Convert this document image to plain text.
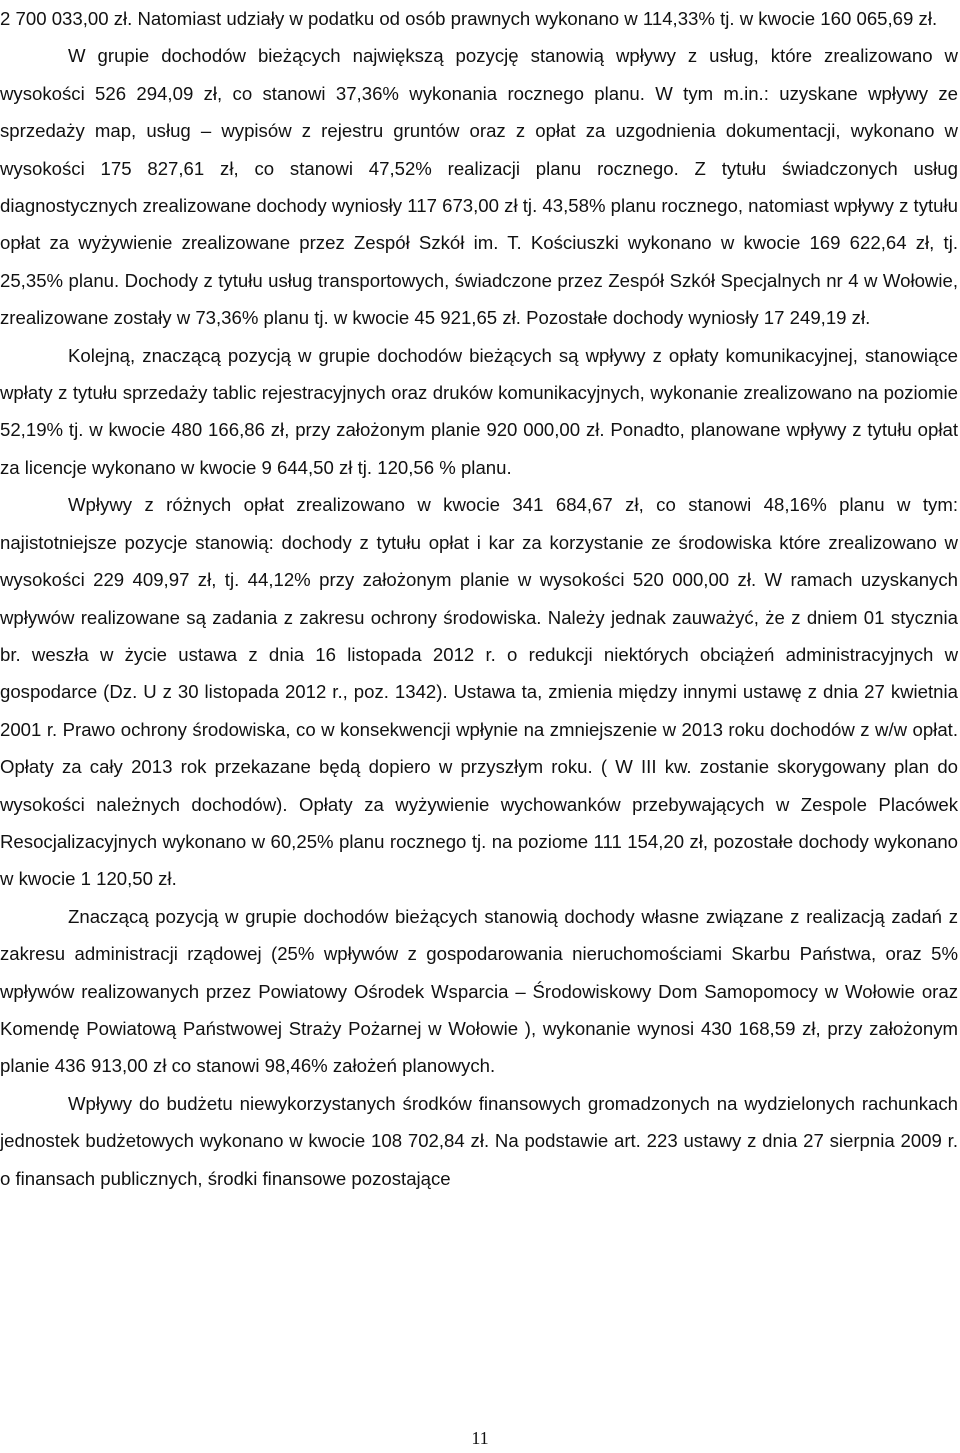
2 700 033,00 zł. Natomiast udziały w podatku od osób prawnych wykonano w 114,33% tj. w kwocie 160 065,69 zł.

W grupie dochodów bieżących największą pozycję stanowią wpływy z usług, które zrealizowano w wysokości 526 294,09 zł, co stanowi 37,36% wykonania rocznego planu. W tym m.in.: uzyskane wpływy ze sprzedaży map, usług – wypisów z rejestru gruntów oraz z opłat za uzgodnienia dokumentacji, wykonano w wysokości 175 827,61 zł, co stanowi 47,52% realizacji planu rocznego. Z tytułu świadczonych usług diagnostycznych zrealizowane dochody wyniosły 117 673,00 zł tj. 43,58% planu rocznego, natomiast wpływy z tytułu opłat za wyżywienie zrealizowane przez Zespół Szkół im. T. Kościuszki wykonano w kwocie 169 622,64 zł, tj. 25,35% planu. Dochody z tytułu usług transportowych, świadczone przez Zespół Szkół Specjalnych nr 4 w Wołowie, zrealizowane zostały w 73,36% planu tj. w kwocie 45 921,65 zł. Pozostałe dochody wyniosły 17 249,19 zł.

Kolejną, znaczącą pozycją w grupie dochodów bieżących są wpływy z opłaty komunikacyjnej, stanowiące wpłaty z tytułu sprzedaży tablic rejestracyjnych oraz druków komunikacyjnych, wykonanie zrealizowano na poziomie 52,19% tj. w kwocie 480 166,86 zł, przy założonym planie 920 000,00 zł. Ponadto, planowane wpływy z tytułu opłat za licencje wykonano w kwocie 9 644,50 zł tj. 120,56 % planu.

Wpływy z różnych opłat zrealizowano w kwocie 341 684,67 zł, co stanowi 48,16% planu w tym: najistotniejsze pozycje stanowią: dochody z tytułu opłat i kar za korzystanie ze środowiska które zrealizowano w wysokości 229 409,97 zł, tj. 44,12% przy założonym planie w wysokości 520 000,00 zł. W ramach uzyskanych wpływów realizowane są zadania z zakresu ochrony środowiska. Należy jednak zauważyć, że z dniem 01 stycznia br. weszła w życie ustawa z dnia 16 listopada 2012 r. o redukcji niektórych obciążeń administracyjnych w gospodarce (Dz. U z 30 listopada 2012 r., poz. 1342). Ustawa ta, zmienia między innymi ustawę z dnia 27 kwietnia 2001 r. Prawo ochrony środowiska, co w konsekwencji wpłynie na zmniejszenie w 2013 roku dochodów z w/w opłat. Opłaty za cały 2013 rok przekazane będą dopiero w przyszłym roku. ( W III kw. zostanie skorygowany plan do wysokości należnych dochodów). Opłaty za wyżywienie wychowanków przebywających w Zespole Placówek Resocjalizacyjnych wykonano w 60,25% planu rocznego tj. na poziome 111 154,20 zł, pozostałe dochody wykonano w kwocie 1 120,50 zł.

Znaczącą pozycją w grupie dochodów bieżących stanowią dochody własne związane z realizacją zadań z zakresu administracji rządowej (25% wpływów z gospodarowania nieruchomościami Skarbu Państwa, oraz 5% wpływów realizowanych przez Powiatowy Ośrodek Wsparcia – Środowiskowy Dom Samopomocy w Wołowie oraz Komendę Powiatową Państwowej Straży Pożarnej w Wołowie ), wykonanie wynosi 430 168,59 zł, przy założonym planie 436 913,00 zł co stanowi 98,46% założeń planowych.

Wpływy do budżetu niewykorzystanych środków finansowych gromadzonych na wydzielonych rachunkach jednostek budżetowych wykonano w kwocie 108 702,84 zł. Na podstawie art. 223 ustawy z dnia 27 sierpnia 2009 r. o finansach publicznych, środki finansowe pozostające

11
